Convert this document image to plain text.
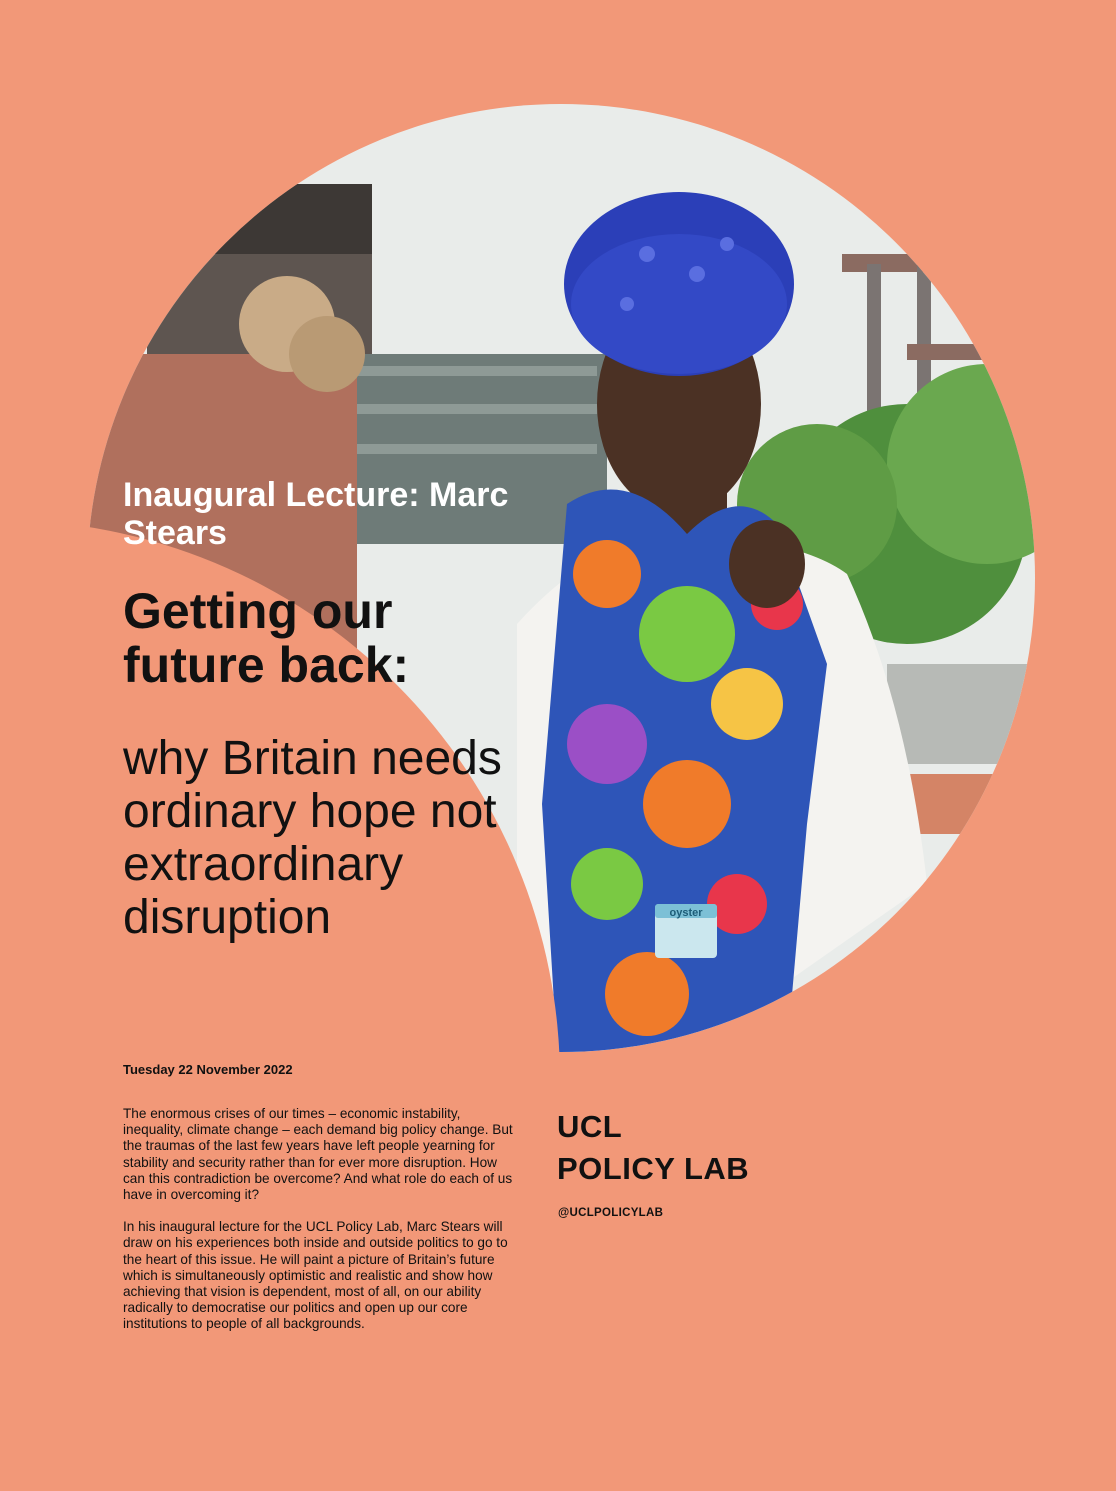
oyster
Inaugural Lecture: Marc Stears
Getting our future back:
why Britain needs ordinary hope not extraordinary disruption
Tuesday 22 November 2022

The enormous crises of our times – economic instability, inequality, climate change – each demand big policy change. But the traumas of the last few years have left people yearning for stability and security rather than for ever more disruption. How can this contradiction be overcome? And what role do each of us have in overcoming it?

In his inaugural lecture for the UCL Policy Lab, Marc Stears will draw on his experiences both inside and outside politics to go to the heart of this issue. He will paint a picture of Britain’s future which is simultaneously optimistic and realistic and show how achieving that vision is dependent, most of all, on our ability radically to democratise our politics and open up our core institutions to people of all backgrounds.

UCL
POLICY LAB
@UCLPOLICYLAB
